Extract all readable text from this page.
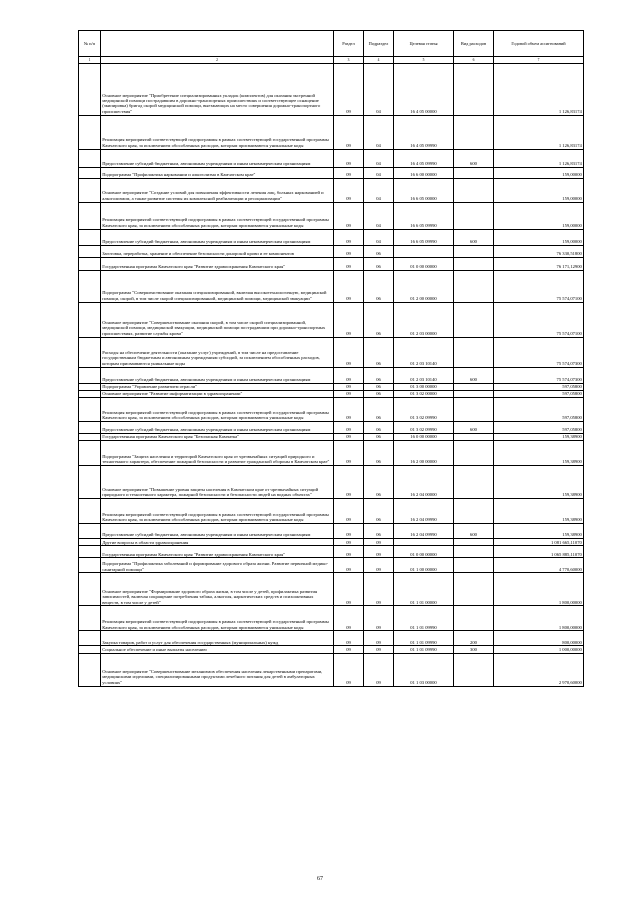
№ п/п		Раздел	Подраздел	Целевая статья	Вид расходов	Годовой объем ассигнований
1	2	3	4	5	6	7
	Основное мероприятие "Приобретение специализированных укладок (комплектов) для оказания экстренной медицинской помощи пострадавшим в дорожно-транспортных происшествиях и соответствующее оснащение (экипировка) бригад скорой медицинской помощи, выезжающих на место совершения дорожно-транспортного происшествия"	09	04	16 4 05 00000		1 126,83174
	Реализация мероприятий соответствующей подпрограммы в рамках соответствующей государственной программы Камчатского края, за исключением обособленных расходов, которым присваиваются уникальные коды	09	04	16 4 05 09990		1 126,83174
	Предоставление субсидий бюджетным, автономным учреждениям и иным некоммерческим организациям	09	04	16 4 05 09990	600	1 126,83174
	Подпрограмма "Профилактика наркомании и алкоголизма в Камчатском крае"	09	04	16 6 00 00000		159,00000
	Основное мероприятие "Создание условий для повышения эффективности лечения лиц, больных наркоманией и алкоголизмом, а также развитие системы их комплексной реабилитации и ресоциализации"	09	04	16 6 05 00000		159,00000
	Реализация мероприятий соответствующей подпрограммы в рамках соответствующей государственной программы Камчатского края, за исключением обособленных расходов, которым присваиваются уникальные коды	09	04	16 6 05 09990		159,00000
	Предоставление субсидий бюджетным, автономным учреждениям и иным некоммерческим организациям	09	04	16 6 05 09990	600	159,00000
	Заготовка, переработка, хранение и обеспечение безопасности донорской крови и ее компонентов	09	06			76 330,51800
	Государственная программа Камчатского края "Развитие здравоохранения Камчатского края"	09	06	01 0 00 00000		76 171,12900
	Подпрограмма "Совершенствование оказания специализированной, включая высокотехнологичную, медицинской помощи, скорой, в том числе скорой специализированной, медицинской помощи, медицинской эвакуации"	09	06	01 2 00 00000		75 574,07100
	Основное мероприятие "Совершенствование оказания скорой, в том числе скорой специализированной, медицинской помощи, медицинской эвакуации, медицинской помощи пострадавшим при дорожно-транспортных происшествиях, развитие службы крови"	09	06	01 2 03 00000		75 574,07100
	Расходы на обеспечение деятельности (оказание услуг) учреждений, в том числе на предоставление государственным бюджетным и автономным учреждениям субсидий, за исключением обособленных расходов, которым присваиваются уникальные коды	09	06	01 2 03 10140		75 574,07300
	Предоставление субсидий бюджетным, автономным учреждениям и иным некоммерческим организациям	09	06	01 2 03 10140	600	75 574,07300
	Подпрограмма "Управление развитием отрасли"	09	06	01 3 00 00000		597,05800
	Основное мероприятие "Развитие информатизации в здравоохранении"	09	06	01 3 02 00000		597,05800
	Реализация мероприятий соответствующей подпрограммы в рамках соответствующей государственной программы Камчатского края, за исключением обособленных расходов, которым присваиваются уникальные коды	09	06	01 3 02 09990		597,05800
	Предоставление субсидий бюджетным, автономным учреждениям и иным некоммерческим организациям	09	06	01 3 02 09990	600	597,05800
	Государственная программа Камчатского края "Безопасная Камчатка"	09	06	16 0 00 00000		159,38900
	Подпрограмма "Защита населения и территорий Камчатского края от чрезвычайных ситуаций природного и техногенного характера, обеспечение пожарной безопасности и развитие гражданской обороны в Камчатском крае"	09	06	16 2 00 00000		159,38900
	Основное мероприятие "Повышение уровня защиты населения в Камчатском крае от чрезвычайных ситуаций природного и техногенного характера, пожарной безопасности и безопасности людей на водных объектах"	09	06	16 2 04 00000		159,38900
	Реализация мероприятий соответствующей подпрограммы в рамках соответствующей государственной программы Камчатского края, за исключением обособленных расходов, которым присваиваются уникальные коды	09	06	16 2 04 09990		159,38900
	Предоставление субсидий бюджетным, автономным учреждениям и иным некоммерческим организациям	09	06	16 2 04 09990	600	159,38900
	Другие вопросы в области здравоохранения	09	09			1 081 665,11070
	Государственная программа Камчатского края "Развитие здравоохранения Камчатского края"	09	09	01 0 00 00000		1 065 885,11070
	Подпрограмма "Профилактика заболеваний и формирование здорового образа жизни. Развитие первичной медико-санитарной помощи"	09	09	01 1 00 00000		4 770,60000
	Основное мероприятие "Формирование здорового образа жизни, в том числе у детей, профилактика развития зависимостей, включая сокращение потребления табака, алкоголя, наркотических средств и психоактивных веществ, в том числе у детей"	09	09	01 1 01 00000		1 800,00000
	Реализация мероприятий соответствующей подпрограммы в рамках соответствующей государственной программы Камчатского края, за исключением обособленных расходов, которым присваиваются уникальные коды	09	09	01 1 01 09990		1 800,00000
	Закупка товаров, работ и услуг для обеспечения государственных (муниципальных) нужд	09	09	01 1 01 09990	200	800,00000
	Социальное обеспечение и иные выплаты населению	09	09	01 1 01 09990	300	1 000,00000
	Основное мероприятие "Совершенствование механизмов обеспечения населения лекарственными препаратами, медицинскими изделиями, специализированными продуктами лечебного питания для детей в амбулаторных условиях"	09	09	01 1 03 00000		2 970,60000
67
